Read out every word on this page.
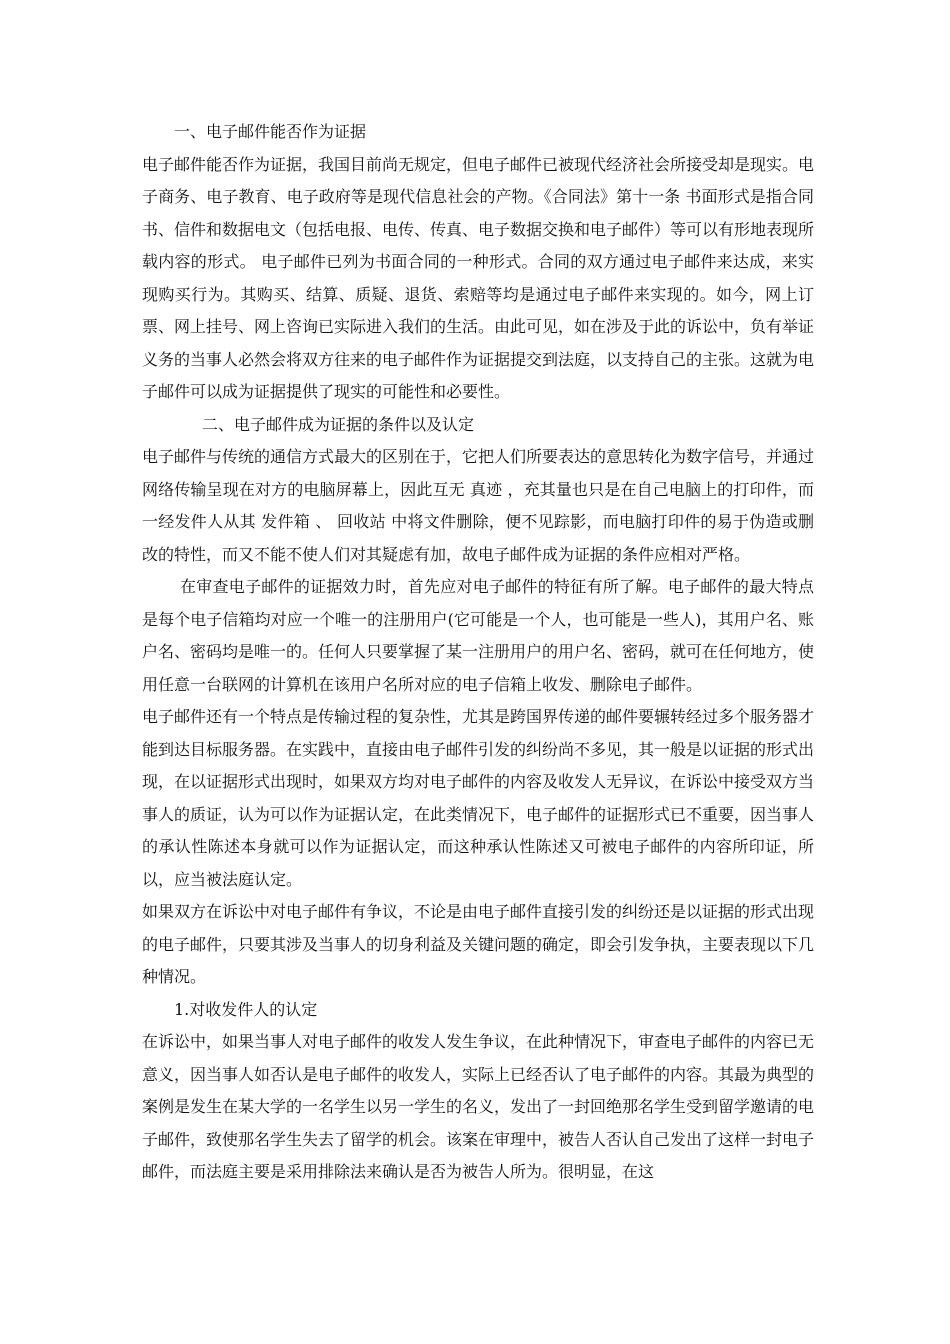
一、电子邮件能否作为证据

电子邮件能否作为证据，我国目前尚无规定，但电子邮件已被现代经济社会所接受却是现实。电子商务、电子教育、电子政府等是现代信息社会的产物。《合同法》第十一条 书面形式是指合同书、信件和数据电文（包括电报、电传、传真、电子数据交换和电子邮件）等可以有形地表现所载内容的形式。 电子邮件已列为书面合同的一种形式。合同的双方通过电子邮件来达成，来实现购买行为。其购买、结算、质疑、退货、索赔等均是通过电子邮件来实现的。如今，网上订票、网上挂号、网上咨询已实际进入我们的生活。由此可见，如在涉及于此的诉讼中，负有举证义务的当事人必然会将双方往来的电子邮件作为证据提交到法庭，以支持自己的主张。这就为电子邮件可以成为证据提供了现实的可能性和必要性。

二、电子邮件成为证据的条件以及认定

电子邮件与传统的通信方式最大的区别在于，它把人们所要表达的意思转化为数字信号，并通过网络传输呈现在对方的电脑屏幕上，因此互无 真迹 ，充其量也只是在自己电脑上的打印件，而一经发件人从其 发件箱 、 回收站 中将文件删除，便不见踪影，而电脑打印件的易于伪造或删改的特性，而又不能不使人们对其疑虑有加，故电子邮件成为证据的条件应相对严格。

在审查电子邮件的证据效力时，首先应对电子邮件的特征有所了解。电子邮件的最大特点是每个电子信箱均对应一个唯一的注册用户(它可能是一个人，也可能是一些人)，其用户名、账户名、密码均是唯一的。任何人只要掌握了某一注册用户的用户名、密码，就可在任何地方，使用任意一台联网的计算机在该用户名所对应的电子信箱上收发、删除电子邮件。

电子邮件还有一个特点是传输过程的复杂性，尤其是跨国界传递的邮件要辗转经过多个服务器才能到达目标服务器。在实践中，直接由电子邮件引发的纠纷尚不多见，其一般是以证据的形式出现，在以证据形式出现时，如果双方均对电子邮件的内容及收发人无异议，在诉讼中接受双方当事人的质证，认为可以作为证据认定，在此类情况下，电子邮件的证据形式已不重要，因当事人的承认性陈述本身就可以作为证据认定，而这种承认性陈述又可被电子邮件的内容所印证，所以，应当被法庭认定。

如果双方在诉讼中对电子邮件有争议，不论是由电子邮件直接引发的纠纷还是以证据的形式出现的电子邮件，只要其涉及当事人的切身利益及关键问题的确定，即会引发争执，主要表现以下几种情况。

1.对收发件人的认定

在诉讼中，如果当事人对电子邮件的收发人发生争议，在此种情况下，审查电子邮件的内容已无意义，因当事人如否认是电子邮件的收发人，实际上已经否认了电子邮件的内容。其最为典型的案例是发生在某大学的一名学生以另一学生的名义，发出了一封回绝那名学生受到留学邀请的电子邮件，致使那名学生失去了留学的机会。该案在审理中，被告人否认自己发出了这样一封电子邮件，而法庭主要是采用排除法来确认是否为被告人所为。很明显，在这
